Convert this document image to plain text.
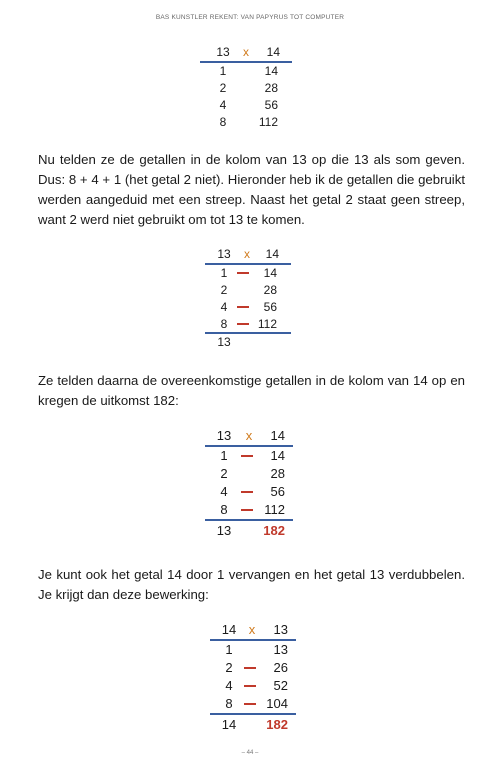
BAS KUNSTLER REKENT: VAN PAPYRUS TOT COMPUTER
13	x	14
1	14
2	28
4	56
8	112

Nu telden ze de getallen in de kolom van 13 op die 13 als som geven. Dus: 8 + 4 + 1 (het getal 2 niet). Hieronder heb ik de getallen die gebruikt werden aangeduid met een streep. Naast het getal 2 staat geen streep, want 2 werd niet gebruikt om tot 13 te komen.

13	x	14
1	14
2	28
4	56
8	112
13

Ze telden daarna de overeenkomstige getallen in de kolom van 14 op en kregen de uitkomst 182:

13	x	14
1	14
2	28
4	56
8	112
13	182

Je kunt ook het getal 14 door 1 vervangen en het getal 13 verdubbelen. Je krijgt dan deze bewerking:

14 x	13
1	13
2	26
4	52
8	104
14	182
– 44 –
